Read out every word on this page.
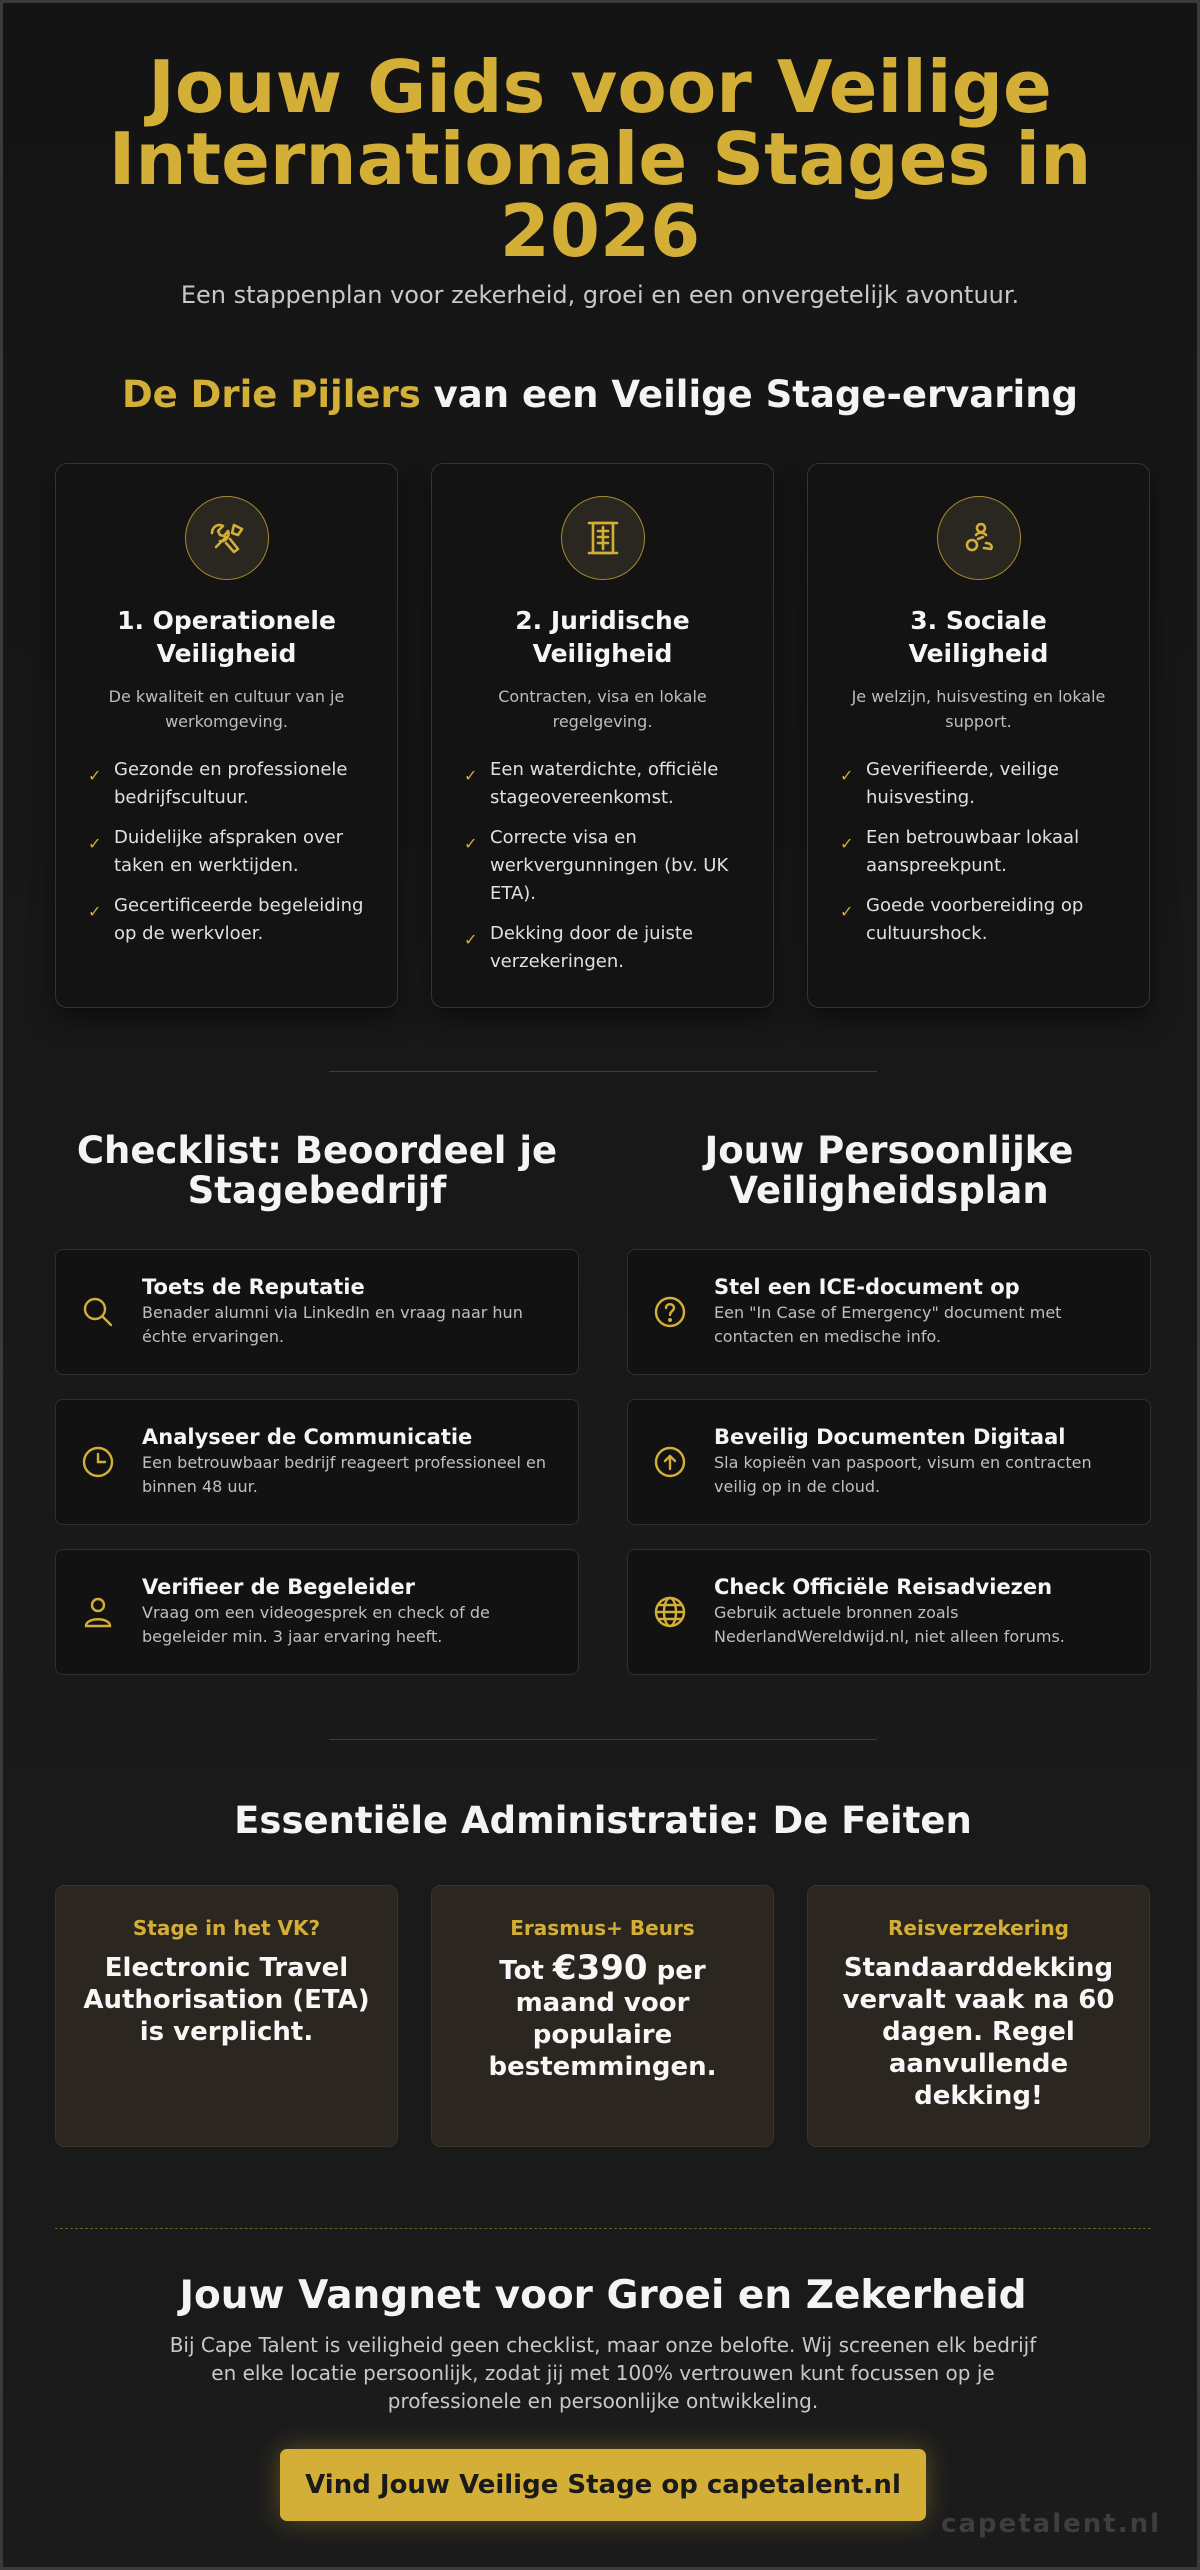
Jouw Gids voor Veilige Internationale Stages in 2026

Een stappenplan voor zekerheid, groei en een onvergetelijk avontuur.

De Drie Pijlers van een Veilige Stage-ervaring
1. Operationele Veiligheid

De kwaliteit en cultuur van je werkomgeving.

✓ Gezonde en professionele bedrijfscultuur.
✓ Duidelijke afspraken over taken en werktijden.
✓ Gecertificeerde begeleiding op de werkvloer.
2. Juridische Veiligheid

Contracten, visa en lokale regelgeving.

✓ Een waterdichte, officiële stageovereenkomst.
✓ Correcte visa en werkvergunningen (bv. UK ETA).
✓ Dekking door de juiste verzekeringen.
3. Sociale Veiligheid

Je welzijn, huisvesting en lokale support.

✓ Geverifieerde, veilige huisvesting.
✓ Een betrouwbaar lokaal aanspreekpunt.
✓ Goede voorbereiding op cultuurshock.
Checklist: Beoordeel je Stagebedrijf
Toets de Reputatie

Benader alumni via LinkedIn en vraag naar hun échte ervaringen.

Analyseer de Communicatie

Een betrouwbaar bedrijf reageert professioneel en binnen 48 uur.

Verifieer de Begeleider

Vraag om een videogesprek en check of de begeleider min. 3 jaar ervaring heeft.

Jouw Persoonlijke Veiligheidsplan
Stel een ICE-document op

Een "In Case of Emergency" document met contacten en medische info.

Beveilig Documenten Digitaal

Sla kopieën van paspoort, visum en contracten veilig op in de cloud.

Check Officiële Reisadviezen

Gebruik actuele bronnen zoals NederlandWereldwijd.nl, niet alleen forums.

Essentiële Administratie: De Feiten
Stage in het VK?
Electronic Travel Authorisation (ETA) is verplicht.
Erasmus+ Beurs
Tot €390 per maand voor populaire bestemmingen.
Reisverzekering
Standaarddekking vervalt vaak na 60 dagen. Regel aanvullende dekking!
Jouw Vangnet voor Groei en Zekerheid

Bij Cape Talent is veiligheid geen checklist, maar onze belofte. Wij screenen elk bedrijf en elke locatie persoonlijk, zodat jij met 100% vertrouwen kunt focussen op je professionele en persoonlijke ontwikkeling.

Vind Jouw Veilige Stage op capetalent.nl
capetalent.nl
